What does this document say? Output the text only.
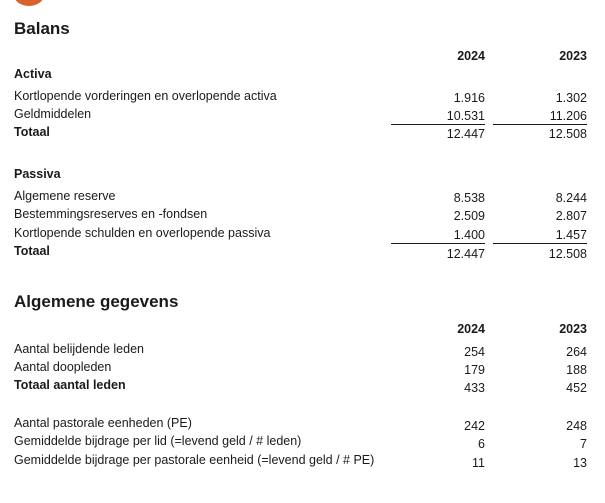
Balans
2024	2023
Activa
Kortlopende vorderingen en overlopende activa	1.916	1.302
Geldmiddelen	10.531	11.206
Totaal	12.447	12.508
Passiva
Algemene reserve	8.538	8.244
Bestemmingsreserves en -fondsen	2.509	2.807
Kortlopende schulden en overlopende passiva	1.400	1.457
Totaal	12.447	12.508
Algemene gegevens
2024	2023
Aantal belijdende leden	254	264
Aantal doopleden	179	188
Totaal aantal leden	433	452
Aantal pastorale eenheden (PE)	242	248
Gemiddelde bijdrage per lid (=levend geld / # leden)	6	7
Gemiddelde bijdrage per pastorale eenheid (=levend geld / # PE)	11	13
